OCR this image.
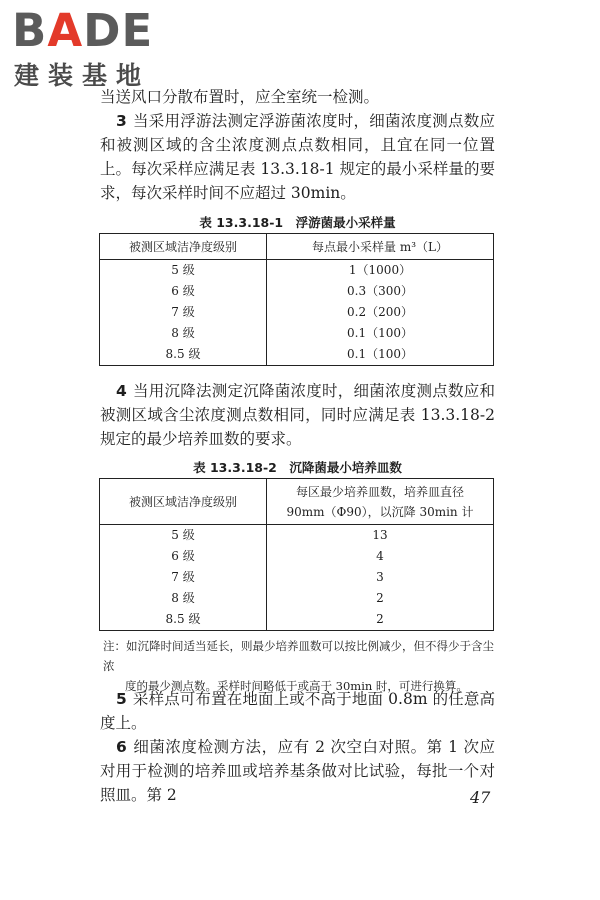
BADE
建装基地

当送风口分散布置时，应全室统一检测。

3 当采用浮游法测定浮游菌浓度时，细菌浓度测点数应和被测区域的含尘浓度测点点数相同，且宜在同一位置上。每次采样应满足表 13.3.18-1 规定的最小采样量的要求，每次采样时间不应超过 30min。

表 13.3.18-1　浮游菌最小采样量

被测区域洁净度级别	每点最小采样量 m³（L）
5 级	1（1000）
6 级	0.3（300）
7 级	0.2（200）
8 级	0.1（100）
8.5 级	0.1（100）

4 当用沉降法测定沉降菌浓度时，细菌浓度测点数应和被测区域含尘浓度测点数相同，同时应满足表 13.3.18-2 规定的最少培养皿数的要求。

表 13.3.18-2　沉降菌最小培养皿数

被测区域洁净度级别	每区最少培养皿数，培养皿直径
90mm（Φ90），以沉降 30min 计
5 级	13
6 级	4
7 级	3
8 级	2
8.5 级	2

注：如沉降时间适当延长，则最少培养皿数可以按比例减少，但不得少于含尘浓
度的最少测点数。采样时间略低于或高于 30min 时，可进行换算。

5 采样点可布置在地面上或不高于地面 0.8m 的任意高度上。

6 细菌浓度检测方法，应有 2 次空白对照。第 1 次应对用于检测的培养皿或培养基条做对比试验，每批一个对照皿。第 2	47
